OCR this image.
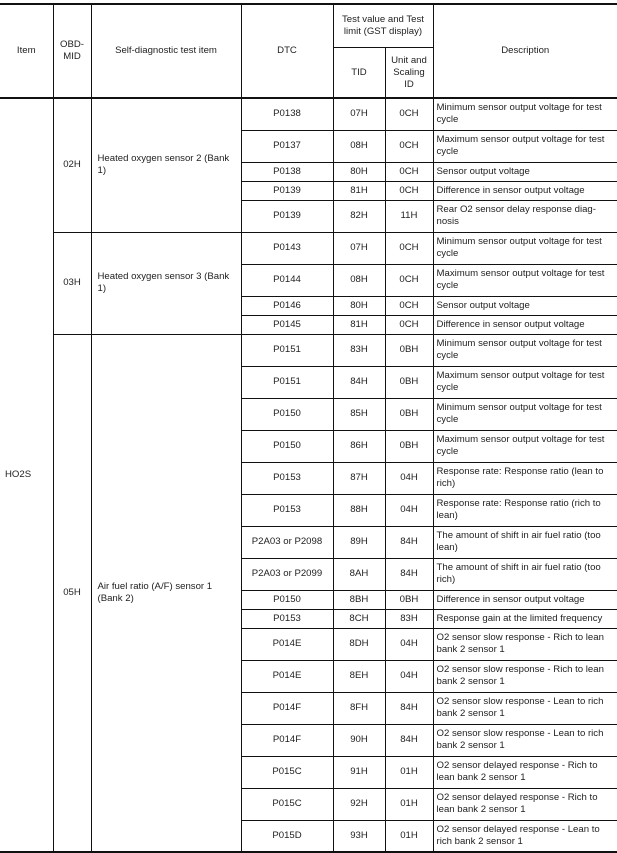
Item	OBD-MID	Self-diagnostic test item	DTC	Test value and Test limit (GST display)		Description
				TID	Unit and Scaling ID	
HO2S	02H	Heated oxygen sensor 2 (Bank 1)	P0138	07H	0CH	Minimum sensor output voltage for test cycle
			P0137	08H	0CH	Maximum sensor output voltage for test cycle
			P0138	80H	0CH	Sensor output voltage
			P0139	81H	0CH	Difference in sensor output voltage
			P0139	82H	11H	Rear O2 sensor delay response diag-nosis
	03H	Heated oxygen sensor 3 (Bank 1)	P0143	07H	0CH	Minimum sensor output voltage for test cycle
			P0144	08H	0CH	Maximum sensor output voltage for test cycle
			P0146	80H	0CH	Sensor output voltage
			P0145	81H	0CH	Difference in sensor output voltage
	05H	Air fuel ratio (A/F) sensor 1 (Bank 2)	P0151	83H	0BH	Minimum sensor output voltage for test cycle
			P0151	84H	0BH	Maximum sensor output voltage for test cycle
			P0150	85H	0BH	Minimum sensor output voltage for test cycle
			P0150	86H	0BH	Maximum sensor output voltage for test cycle
			P0153	87H	04H	Response rate: Response ratio (lean to rich)
			P0153	88H	04H	Response rate: Response ratio (rich to lean)
			P2A03 or P2098	89H	84H	The amount of shift in air fuel ratio (too lean)
			P2A03 or P2099	8AH	84H	The amount of shift in air fuel ratio (too rich)
			P0150	8BH	0BH	Difference in sensor output voltage
			P0153	8CH	83H	Response gain at the limited frequency
			P014E	8DH	04H	O2 sensor slow response - Rich to lean bank 2 sensor 1
			P014E	8EH	04H	O2 sensor slow response - Rich to lean bank 2 sensor 1
			P014F	8FH	84H	O2 sensor slow response - Lean to rich bank 2 sensor 1
			P014F	90H	84H	O2 sensor slow response - Lean to rich bank 2 sensor 1
			P015C	91H	01H	O2 sensor delayed response - Rich to lean bank 2 sensor 1
			P015C	92H	01H	O2 sensor delayed response - Rich to lean bank 2 sensor 1
			P015D	93H	01H	O2 sensor delayed response - Lean to rich bank 2 sensor 1
